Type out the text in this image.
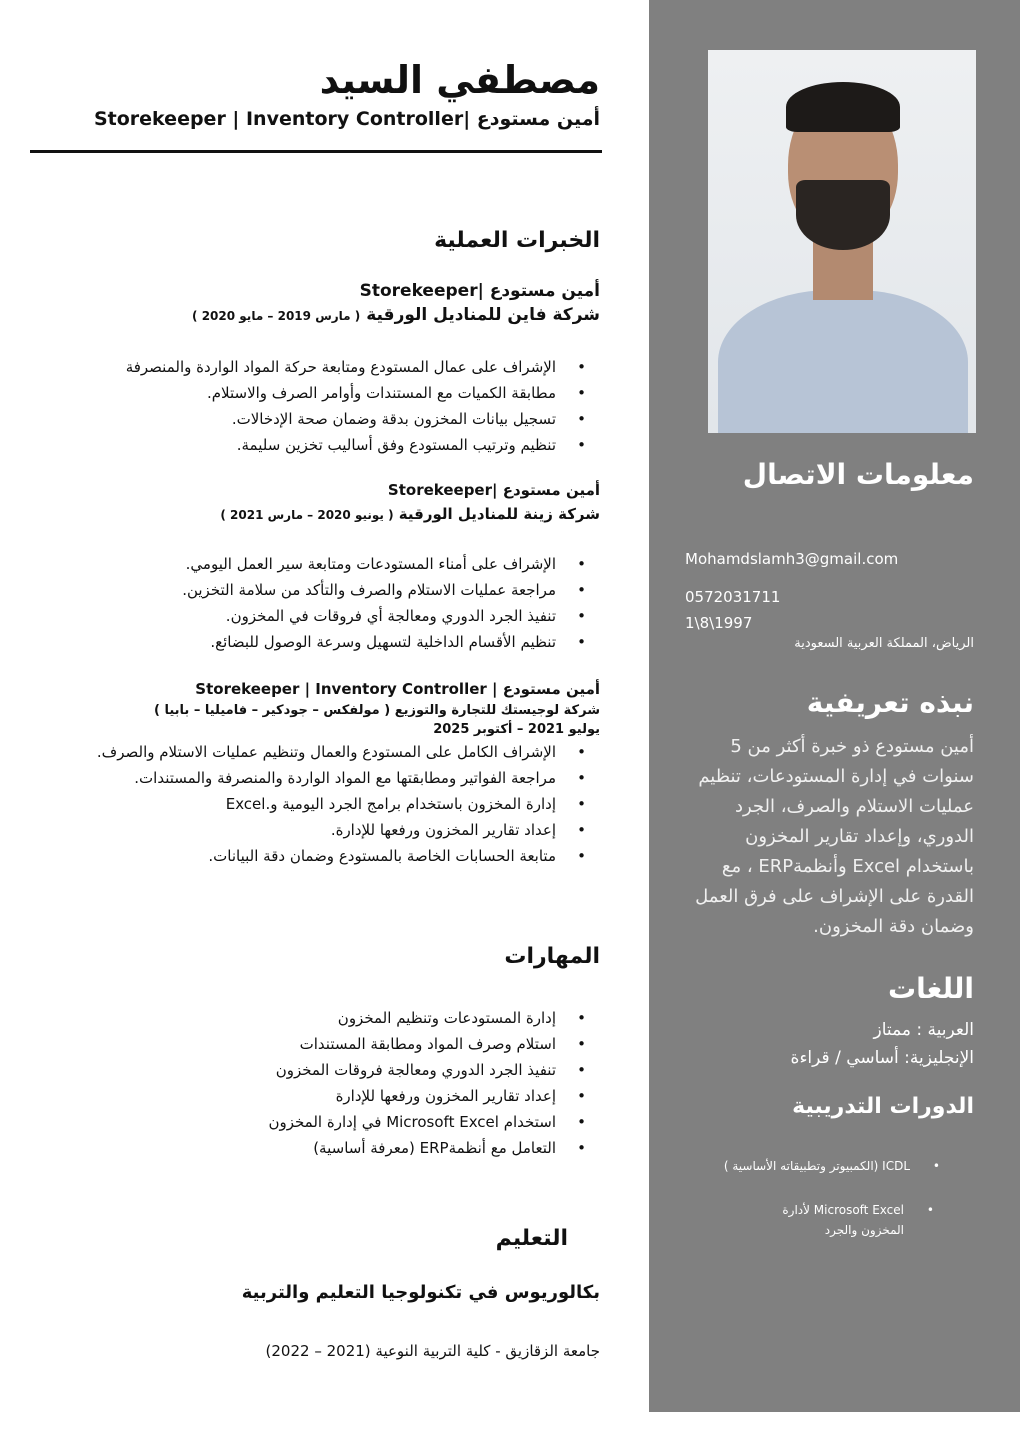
مصطفي السيد
أمين مستودع |Storekeeper | Inventory Controller
الخبرات العملية
أمين مستودع |Storekeeper
شركة فاين للمناديل الورقية ( مارس 2019 – مايو 2020 )
• الإشراف على عمال المستودع ومتابعة حركة المواد الواردة والمنصرفة
• مطابقة الكميات مع المستندات وأوامر الصرف والاستلام.
• تسجيل بيانات المخزون بدقة وضمان صحة الإدخالات.
• تنظيم وترتيب المستودع وفق أساليب تخزين سليمة.
أمين مستودع |Storekeeper
شركة زينة للمناديل الورقية ( يونيو 2020 – مارس 2021 )
• الإشراف على أمناء المستودعات ومتابعة سير العمل اليومي.
• مراجعة عمليات الاستلام والصرف والتأكد من سلامة التخزين.
• تنفيذ الجرد الدوري ومعالجة أي فروقات في المخزون.
• تنظيم الأقسام الداخلية لتسهيل وسرعة الوصول للبضائع.
أمين مستودع | Storekeeper | Inventory Controller
شركة لوجيستك للتجارة والتوزيع ( مولفكس – جودكير – فاميليا – بابيا )
يوليو 2021 – أكتوبر 2025
• الإشراف الكامل على المستودع والعمال وتنظيم عمليات الاستلام والصرف.
• مراجعة الفواتير ومطابقتها مع المواد الواردة والمنصرفة والمستندات.
• إدارة المخزون باستخدام برامج الجرد اليومية و.Excel
• إعداد تقارير المخزون ورفعها للإدارة.
• متابعة الحسابات الخاصة بالمستودع وضمان دقة البيانات.
المهارات
• إدارة المستودعات وتنظيم المخزون
• استلام وصرف المواد ومطابقة المستندات
• تنفيذ الجرد الدوري ومعالجة فروقات المخزون
• إعداد تقارير المخزون ورفعها للإدارة
• استخدام Microsoft Excel في إدارة المخزون
• التعامل مع أنظمةERP (معرفة أساسية)
التعليم
بكالوريوس في تكنولوجيا التعليم والتربية
جامعة الزقازيق - كلية التربية النوعية (2021 – 2022)
معلومات الاتصال
Mohamdslamh3@gmail.com
0572031711
1\8\1997
الرياض، المملكة العربية السعودية
نبذه تعريفية
أمين مستودع ذو خبرة أكثر من 5 سنوات في إدارة المستودعات، تنظيم عمليات الاستلام والصرف، الجرد الدوري، وإعداد تقارير المخزون باستخدام Excel وأنظمةERP ، مع القدرة على الإشراف على فرق العمل وضمان دقة المخزون.
اللغات
العربية : ممتاز
الإنجليزية: أساسي / قراءة
الدورات التدريبية
• ICDL (الكمبيوتر وتطبيقاته الأساسية )
• Microsoft Excel لأدارة المخزون والجرد
